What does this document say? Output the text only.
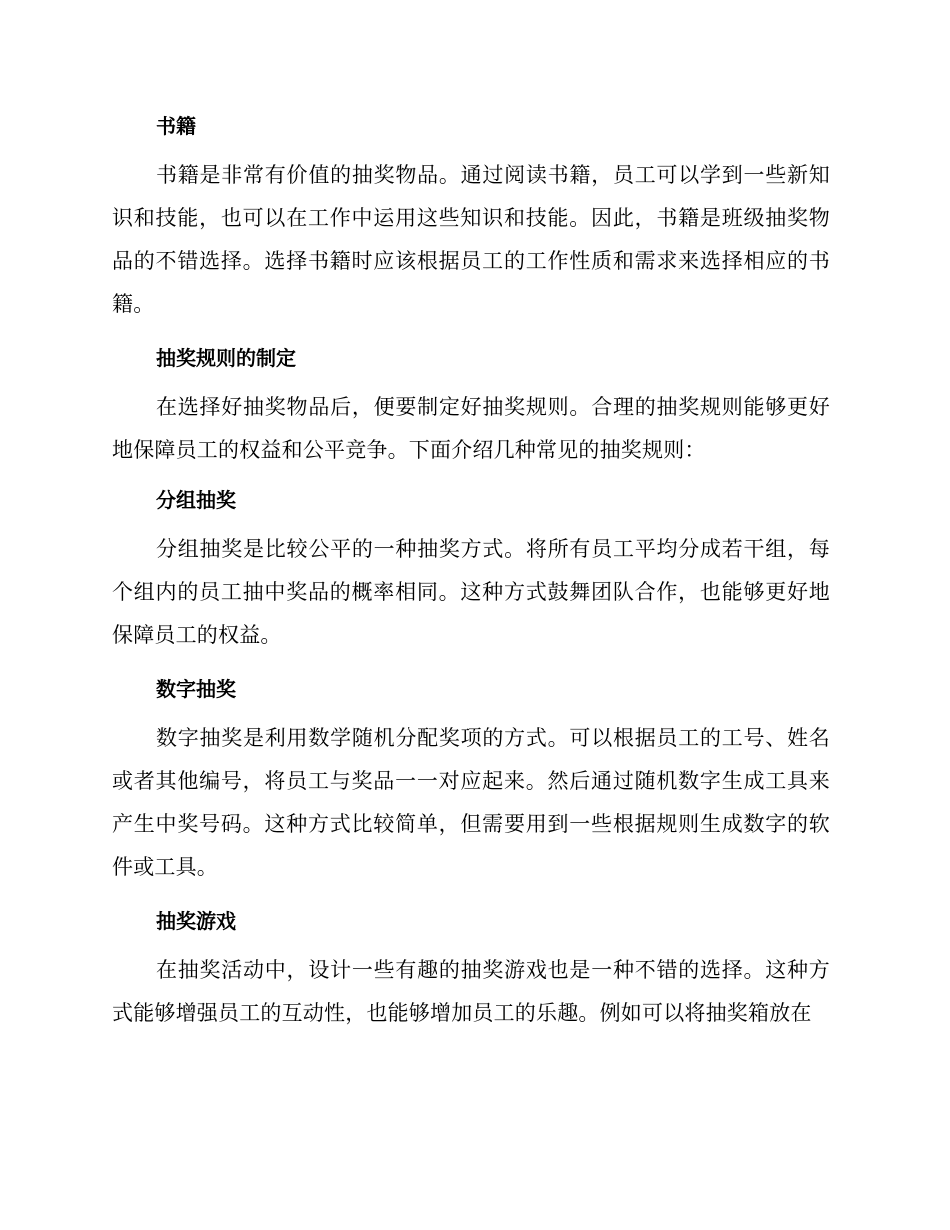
书籍

书籍是非常有价值的抽奖物品。通过阅读书籍，员工可以学到一些新知识和技能，也可以在工作中运用这些知识和技能。因此，书籍是班级抽奖物品的不错选择。选择书籍时应该根据员工的工作性质和需求来选择相应的书籍。

抽奖规则的制定

在选择好抽奖物品后，便要制定好抽奖规则。合理的抽奖规则能够更好地保障员工的权益和公平竞争。下面介绍几种常见的抽奖规则：

分组抽奖

分组抽奖是比较公平的一种抽奖方式。将所有员工平均分成若干组，每个组内的员工抽中奖品的概率相同。这种方式鼓舞团队合作，也能够更好地保障员工的权益。

数字抽奖

数字抽奖是利用数学随机分配奖项的方式。可以根据员工的工号、姓名或者其他编号，将员工与奖品一一对应起来。然后通过随机数字生成工具来产生中奖号码。这种方式比较简单，但需要用到一些根据规则生成数字的软件或工具。

抽奖游戏

在抽奖活动中，设计一些有趣的抽奖游戏也是一种不错的选择。这种方式能够增强员工的互动性，也能够增加员工的乐趣。例如可以将抽奖箱放在
